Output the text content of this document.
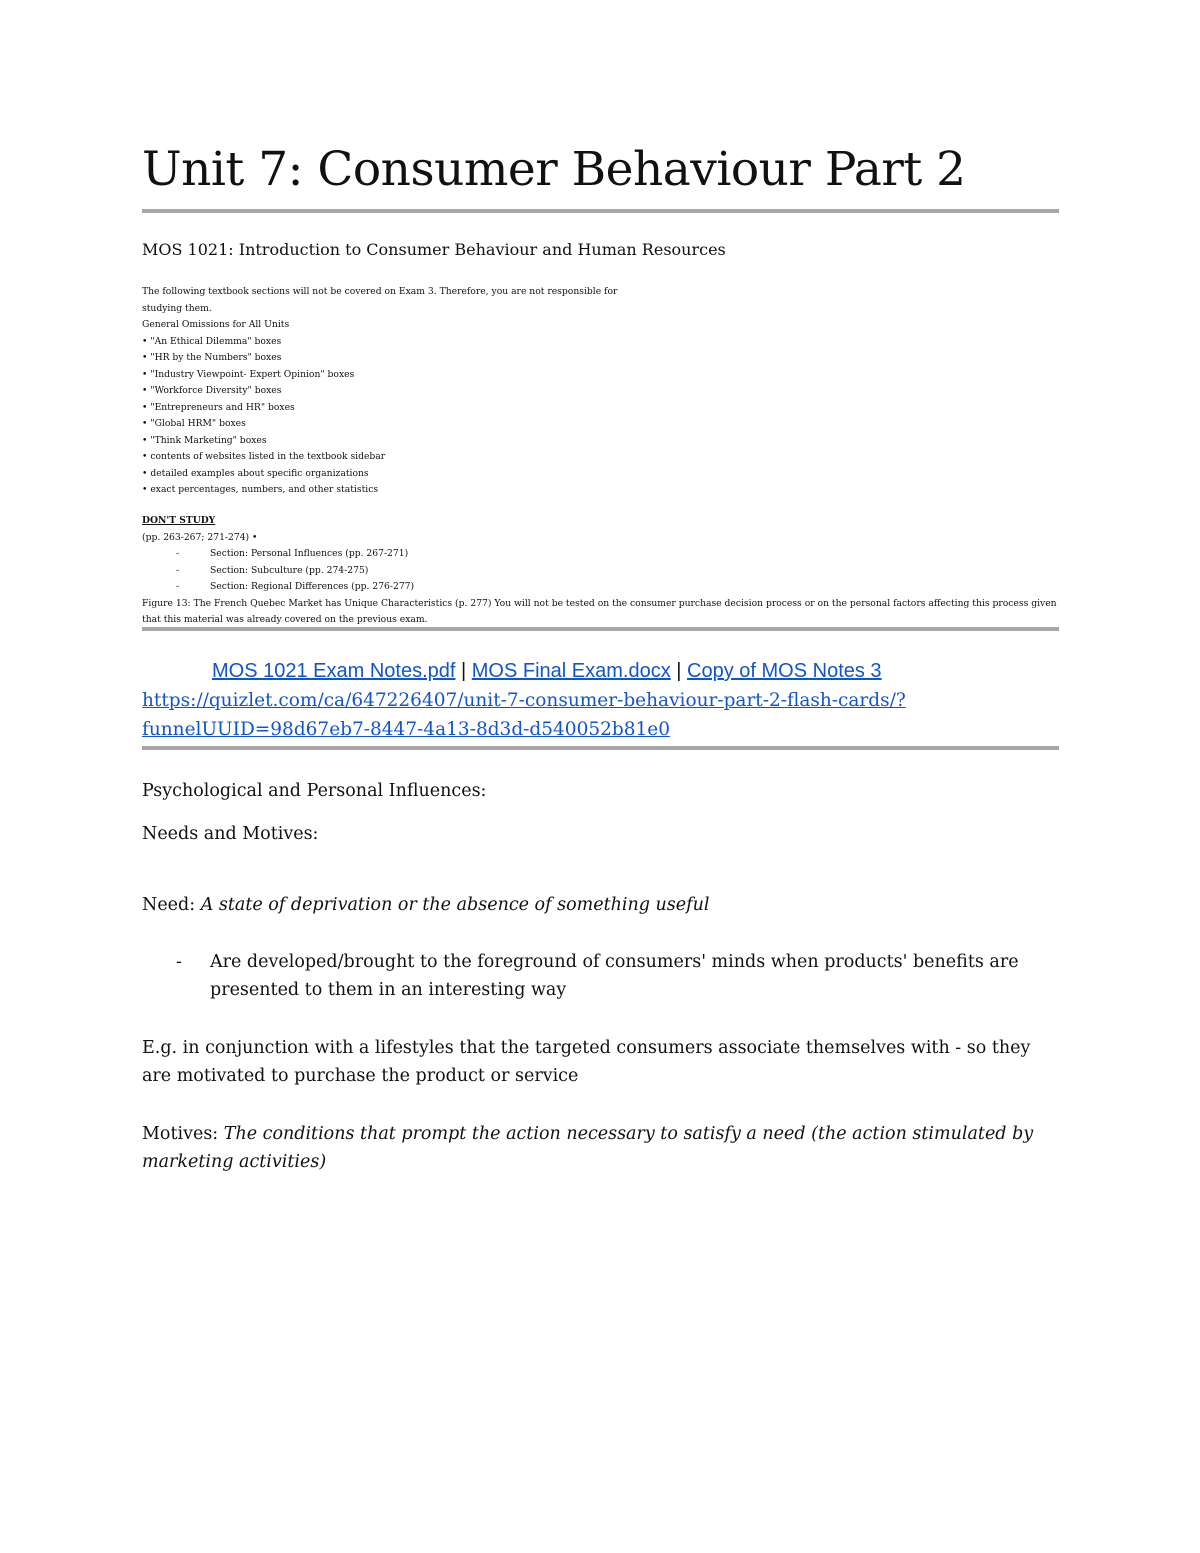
Unit 7: Consumer Behaviour Part 2
MOS 1021: Introduction to Consumer Behaviour and Human Resources
The following textbook sections will not be covered on Exam 3. Therefore, you are not responsible for
studying them.
General Omissions for All Units
• "An Ethical Dilemma" boxes
• "HR by the Numbers" boxes
• "Industry Viewpoint- Expert Opinion" boxes
• "Workforce Diversity" boxes
• "Entrepreneurs and HR" boxes
• "Global HRM" boxes
• "Think Marketing" boxes
• contents of websites listed in the textbook sidebar
• detailed examples about specific organizations
• exact percentages, numbers, and other statistics
DON'T STUDY
(pp. 263-267; 271-274) •
-	Section: Personal Influences (pp. 267-271)
-	Section: Subculture (pp. 274-275)
-	Section: Regional Differences (pp. 276-277)
Figure 13: The French Quebec Market has Unique Characteristics (p. 277) You will not be tested on the consumer purchase decision process or on the personal factors affecting this process given that this material was already covered on the previous exam.
MOS 1021 Exam Notes.pdf | MOS Final Exam.docx | Copy of MOS Notes 3
https://quizlet.com/ca/647226407/unit-7-consumer-behaviour-part-2-flash-cards/?
funnelUUID=98d67eb7-8447-4a13-8d3d-d540052b81e0
Psychological and Personal Influences:
Needs and Motives:
Need: A state of deprivation or the absence of something useful
- Are developed/brought to the foreground of consumers' minds when products' benefits are presented to them in an interesting way
E.g. in conjunction with a lifestyles that the targeted consumers associate themselves with - so they are motivated to purchase the product or service
Motives: The conditions that prompt the action necessary to satisfy a need (the action stimulated by marketing activities)
